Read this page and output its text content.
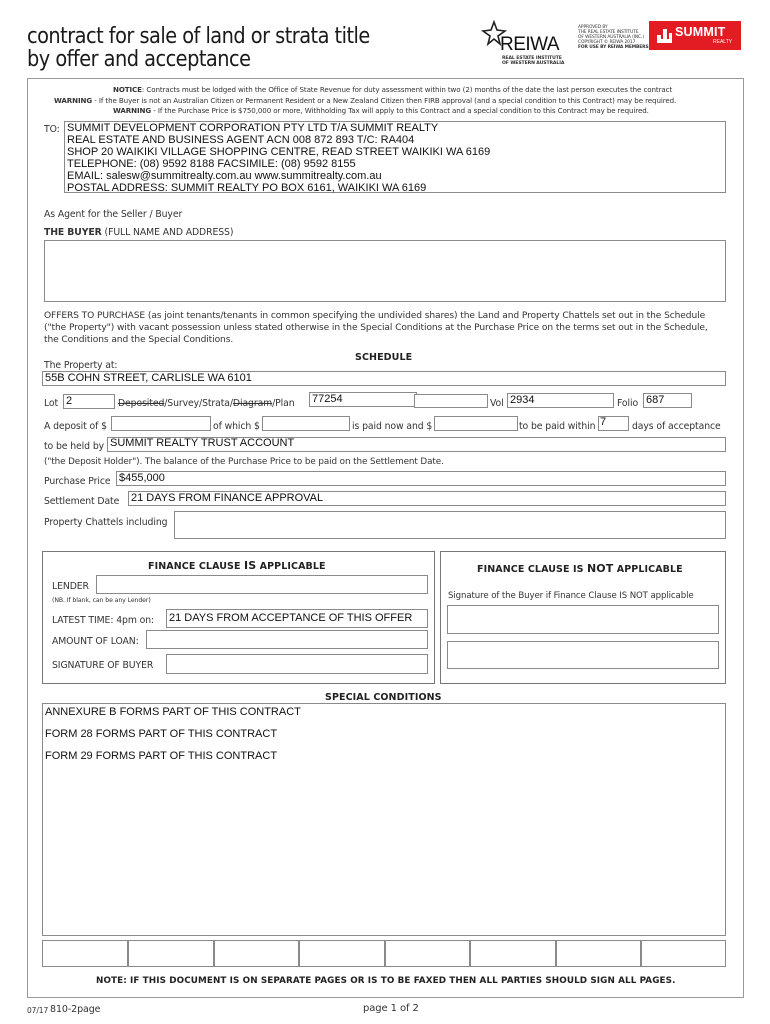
contract for sale of land or strata title
by offer and acceptance
REIWA
REAL ESTATE INSTITUTE
OF WESTERN AUSTRALIA
APPROVED BY
THE REAL ESTATE INSTITUTE
OF WESTERN AUSTRALIA (INC.)
COPYRIGHT © REIWA 2017
FOR USE BY REIWA MEMBERS
SUMMIT
REALTY
NOTICE: Contracts must be lodged with the Office of State Revenue for duty assessment within two (2) months of the date the last person executes the contract
WARNING - If the Buyer is not an Australian Citizen or Permanent Resident or a New Zealand Citizen then FIRB approval (and a special condition to this Contract) may be required.
WARNING - If the Purchase Price is $750,000 or more, Withholding Tax will apply to this Contract and a special condition to this Contract may be required.
TO: SUMMIT DEVELOPMENT CORPORATION PTY LTD T/A SUMMIT REALTY
REAL ESTATE AND BUSINESS AGENT ACN 008 872 893 T/C: RA404
SHOP 20 WAIKIKI VILLAGE SHOPPING CENTRE, READ STREET WAIKIKI WA 6169
TELEPHONE: (08) 9592 8188 FACSIMILE: (08) 9592 8155
EMAIL: salesw@summitrealty.com.au www.summitrealty.com.au
POSTAL ADDRESS: SUMMIT REALTY PO BOX 6161, WAIKIKI WA 6169
As Agent for the Seller / Buyer
THE BUYER (FULL NAME AND ADDRESS)
OFFERS TO PURCHASE (as joint tenants/tenants in common specifying the undivided shares) the Land and Property Chattels set out in the Schedule
("the Property") with vacant possession unless stated otherwise in the Special Conditions at the Purchase Price on the terms set out in the Schedule,
the Conditions and the Special Conditions.
SCHEDULE
The Property at:
55B COHN STREET, CARLISLE WA 6101
Lot 2	Deposited/Survey/Strata/Diagram/Plan 77254	Vol 2934	Folio 687
A deposit of $	of which $	is paid now and $	to be paid within 7	days of acceptance
to be held by SUMMIT REALTY TRUST ACCOUNT
("the Deposit Holder"). The balance of the Purchase Price to be paid on the Settlement Date.
Purchase Price $455,000
Settlement Date 21 DAYS FROM FINANCE APPROVAL
Property Chattels including
FINANCE CLAUSE IS APPLICABLE
LENDER
(NB. If blank, can be any Lender)
LATEST TIME: 4pm on: 21 DAYS FROM ACCEPTANCE OF THIS OFFER
AMOUNT OF LOAN:
SIGNATURE OF BUYER
FINANCE CLAUSE IS NOT APPLICABLE
Signature of the Buyer if Finance Clause IS NOT applicable
SPECIAL CONDITIONS
ANNEXURE B FORMS PART OF THIS CONTRACT
FORM 28 FORMS PART OF THIS CONTRACT
FORM 29 FORMS PART OF THIS CONTRACT
NOTE: IF THIS DOCUMENT IS ON SEPARATE PAGES OR IS TO BE FAXED THEN ALL PARTIES SHOULD SIGN ALL PAGES.
07/17 810-2page	page 1 of 2
